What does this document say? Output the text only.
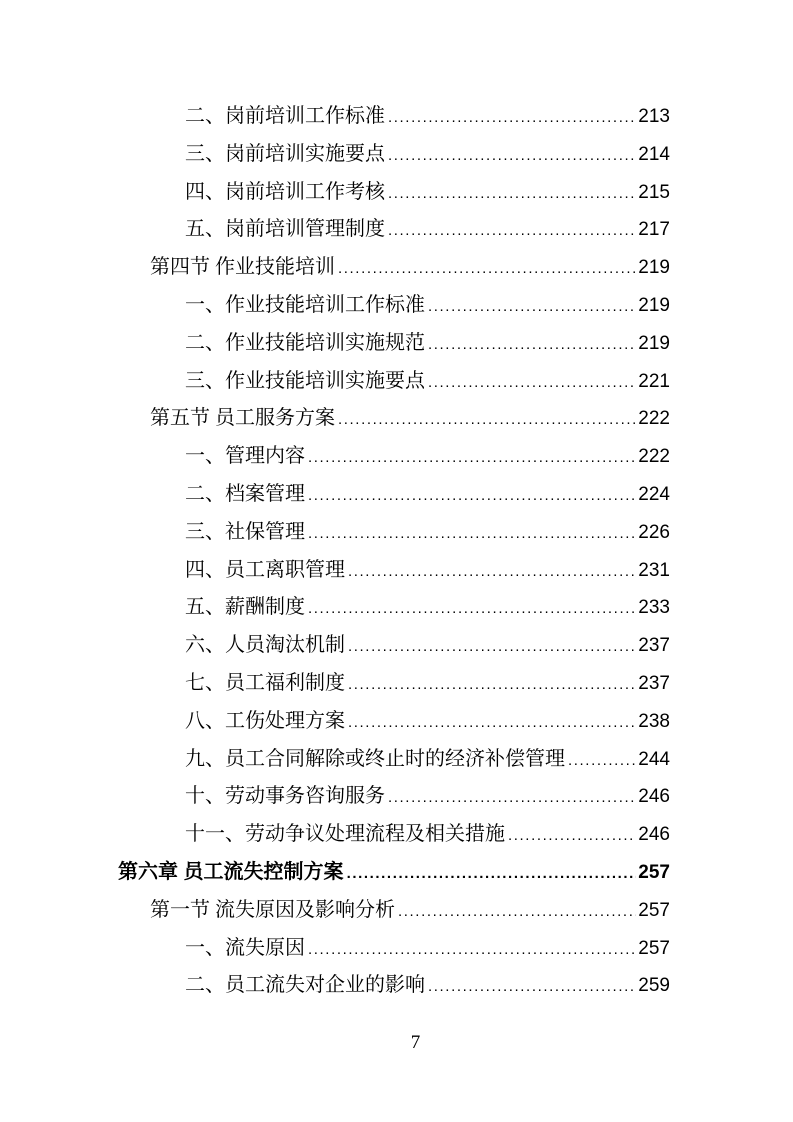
二、岗前培训工作标准 .....	213
三、岗前培训实施要点 .....	214
四、岗前培训工作考核 .....	215
五、岗前培训管理制度 .....	217
第四节 作业技能培训 .....	219
一、作业技能培训工作标准 .....	219
二、作业技能培训实施规范 .....	219
三、作业技能培训实施要点 .....	221
第五节 员工服务方案 .....	222
一、管理内容 .....	222
二、档案管理 .....	224
三、社保管理 .....	226
四、员工离职管理 .....	231
五、薪酬制度 .....	233
六、人员淘汰机制 .....	237
七、员工福利制度 .....	237
八、工伤处理方案 .....	238
九、员工合同解除或终止时的经济补偿管理 .....	244
十、劳动事务咨询服务 .....	246
十一、劳动争议处理流程及相关措施 .....	246
第六章 员工流失控制方案 .....	257
第一节 流失原因及影响分析 .....	257
一、流失原因 .....	257
二、员工流失对企业的影响 .....	259
7
